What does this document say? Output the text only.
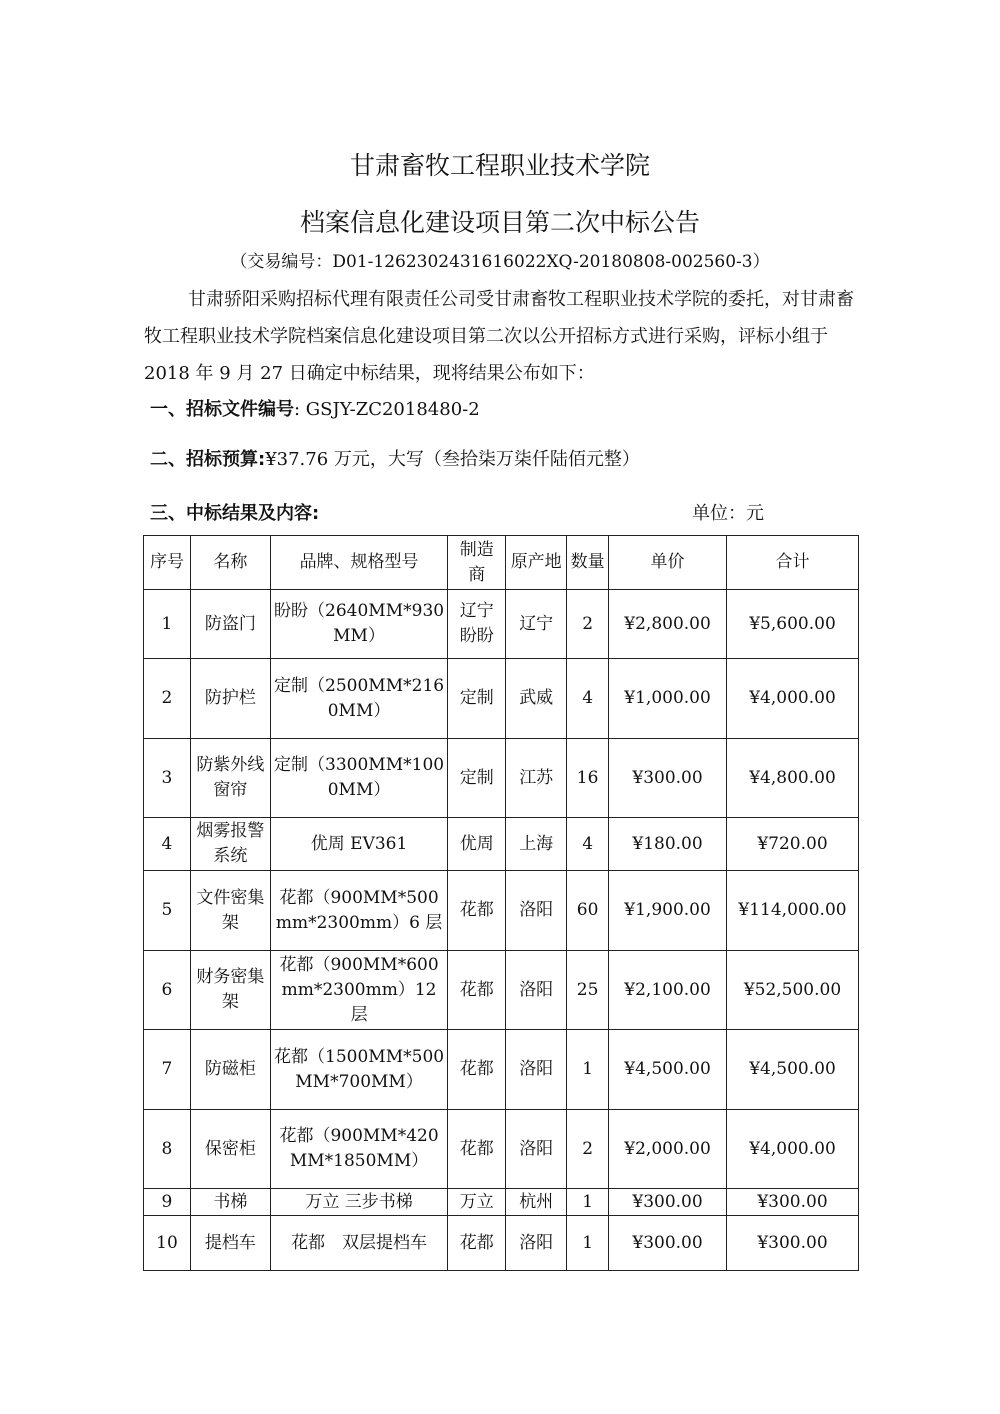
甘肃畜牧工程职业技术学院
档案信息化建设项目第二次中标公告
（交易编号：D01-1262302431616022XQ-20180808-002560-3）
甘肃骄阳采购招标代理有限责任公司受甘肃畜牧工程职业技术学院的委托，对甘肃畜牧工程职业技术学院档案信息化建设项目第二次以公开招标方式进行采购，评标小组于 2018 年 9 月 27 日确定中标结果，现将结果公布如下：
一、招标文件编号: GSJY-ZC2018480-2
二、招标预算:¥37.76 万元，大写（叁拾柒万柒仟陆佰元整）
三、中标结果及内容:	单位：元
序号	名称	品牌、规格型号	制造商	原产地	数量	单价	合计
1	防盗门	盼盼（2640MM*930MM）	辽宁盼盼	辽宁	2	¥2,800.00	¥5,600.00
2	防护栏	定制（2500MM*2160MM）	定制	武威	4	¥1,000.00	¥4,000.00
3	防紫外线窗帘	定制（3300MM*1000MM）	定制	江苏	16	¥300.00	¥4,800.00
4	烟雾报警系统	优周 EV361	优周	上海	4	¥180.00	¥720.00
5	文件密集架	花都（900MM*500mm*2300mm）6 层	花都	洛阳	60	¥1,900.00	¥114,000.00
6	财务密集架	花都（900MM*600mm*2300mm）12 层	花都	洛阳	25	¥2,100.00	¥52,500.00
7	防磁柜	花都（1500MM*500MM*700MM）	花都	洛阳	1	¥4,500.00	¥4,500.00
8	保密柜	花都（900MM*420MM*1850MM）	花都	洛阳	2	¥2,000.00	¥4,000.00
9	书梯	万立 三步书梯	万立	杭州	1	¥300.00	¥300.00
10	提档车	花都　双层提档车	花都	洛阳	1	¥300.00	¥300.00
